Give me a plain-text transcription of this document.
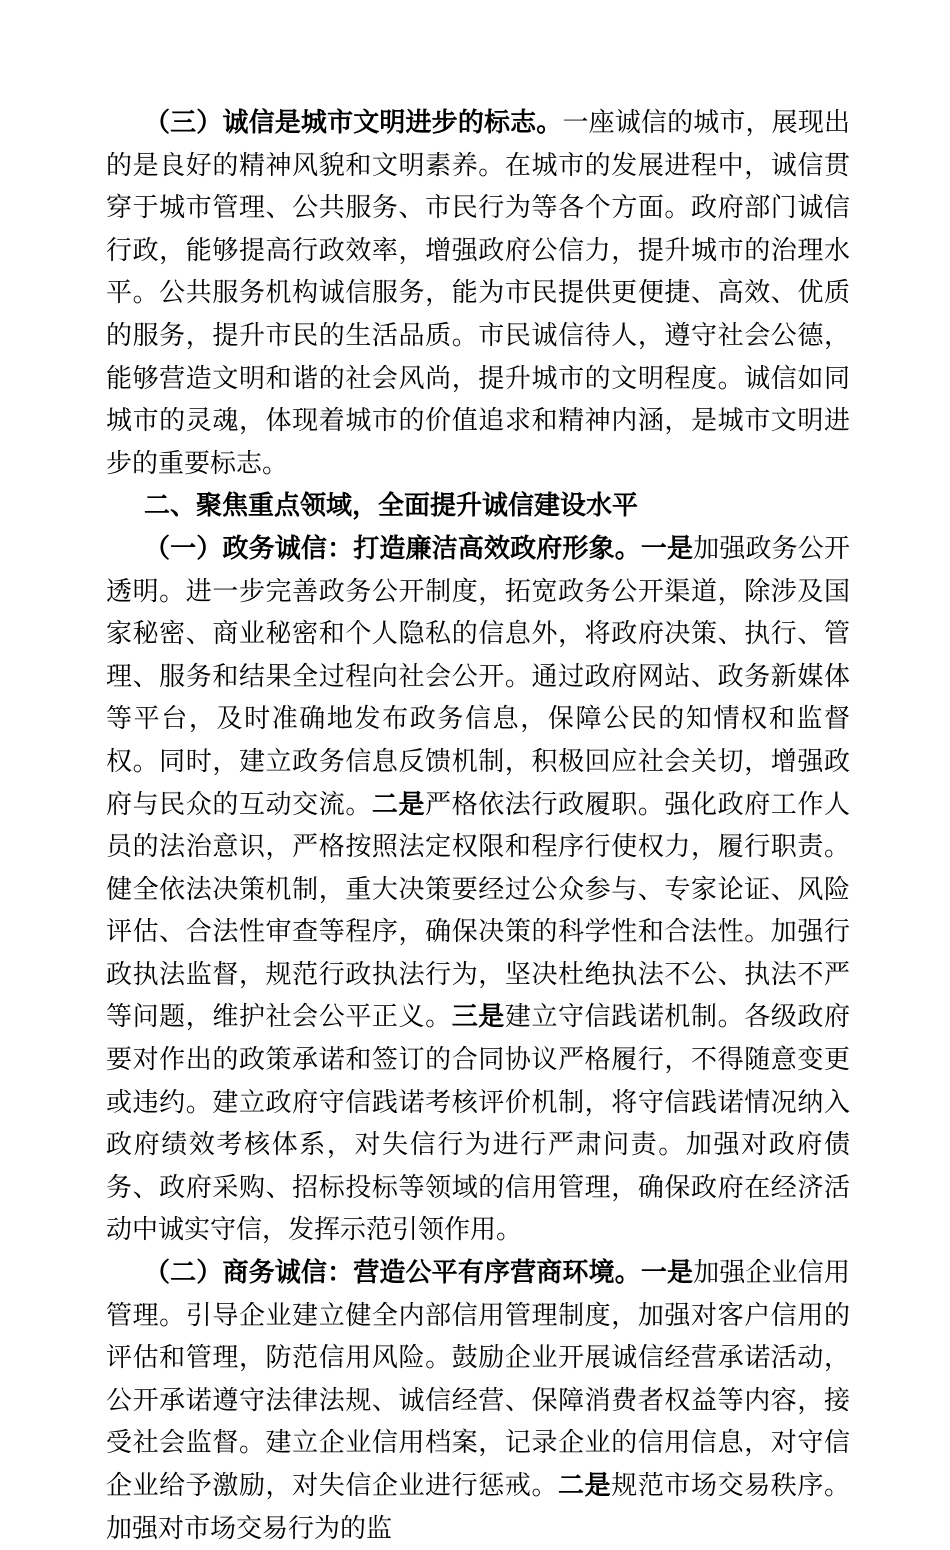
（三）诚信是城市文明进步的标志。一座诚信的城市，展现出的是良好的精神风貌和文明素养。在城市的发展进程中，诚信贯穿于城市管理、公共服务、市民行为等各个方面。政府部门诚信行政，能够提高行政效率，增强政府公信力，提升城市的治理水平。公共服务机构诚信服务，能为市民提供更便捷、高效、优质的服务，提升市民的生活品质。市民诚信待人，遵守社会公德，能够营造文明和谐的社会风尚，提升城市的文明程度。诚信如同城市的灵魂，体现着城市的价值追求和精神内涵，是城市文明进步的重要标志。

二、聚焦重点领域，全面提升诚信建设水平

（一）政务诚信：打造廉洁高效政府形象。一是加强政务公开透明。进一步完善政务公开制度，拓宽政务公开渠道，除涉及国家秘密、商业秘密和个人隐私的信息外，将政府决策、执行、管理、服务和结果全过程向社会公开。通过政府网站、政务新媒体等平台，及时准确地发布政务信息，保障公民的知情权和监督权。同时，建立政务信息反馈机制，积极回应社会关切，增强政府与民众的互动交流。二是严格依法行政履职。强化政府工作人员的法治意识，严格按照法定权限和程序行使权力，履行职责。健全依法决策机制，重大决策要经过公众参与、专家论证、风险评估、合法性审查等程序，确保决策的科学性和合法性。加强行政执法监督，规范行政执法行为，坚决杜绝执法不公、执法不严等问题，维护社会公平正义。三是建立守信践诺机制。各级政府要对作出的政策承诺和签订的合同协议严格履行，不得随意变更或违约。建立政府守信践诺考核评价机制，将守信践诺情况纳入政府绩效考核体系，对失信行为进行严肃问责。加强对政府债务、政府采购、招标投标等领域的信用管理，确保政府在经济活动中诚实守信，发挥示范引领作用。

（二）商务诚信：营造公平有序营商环境。一是加强企业信用管理。引导企业建立健全内部信用管理制度，加强对客户信用的评估和管理，防范信用风险。鼓励企业开展诚信经营承诺活动，公开承诺遵守法律法规、诚信经营、保障消费者权益等内容，接受社会监督。建立企业信用档案，记录企业的信用信息，对守信企业给予激励，对失信企业进行惩戒。二是规范市场交易秩序。加强对市场交易行为的监
